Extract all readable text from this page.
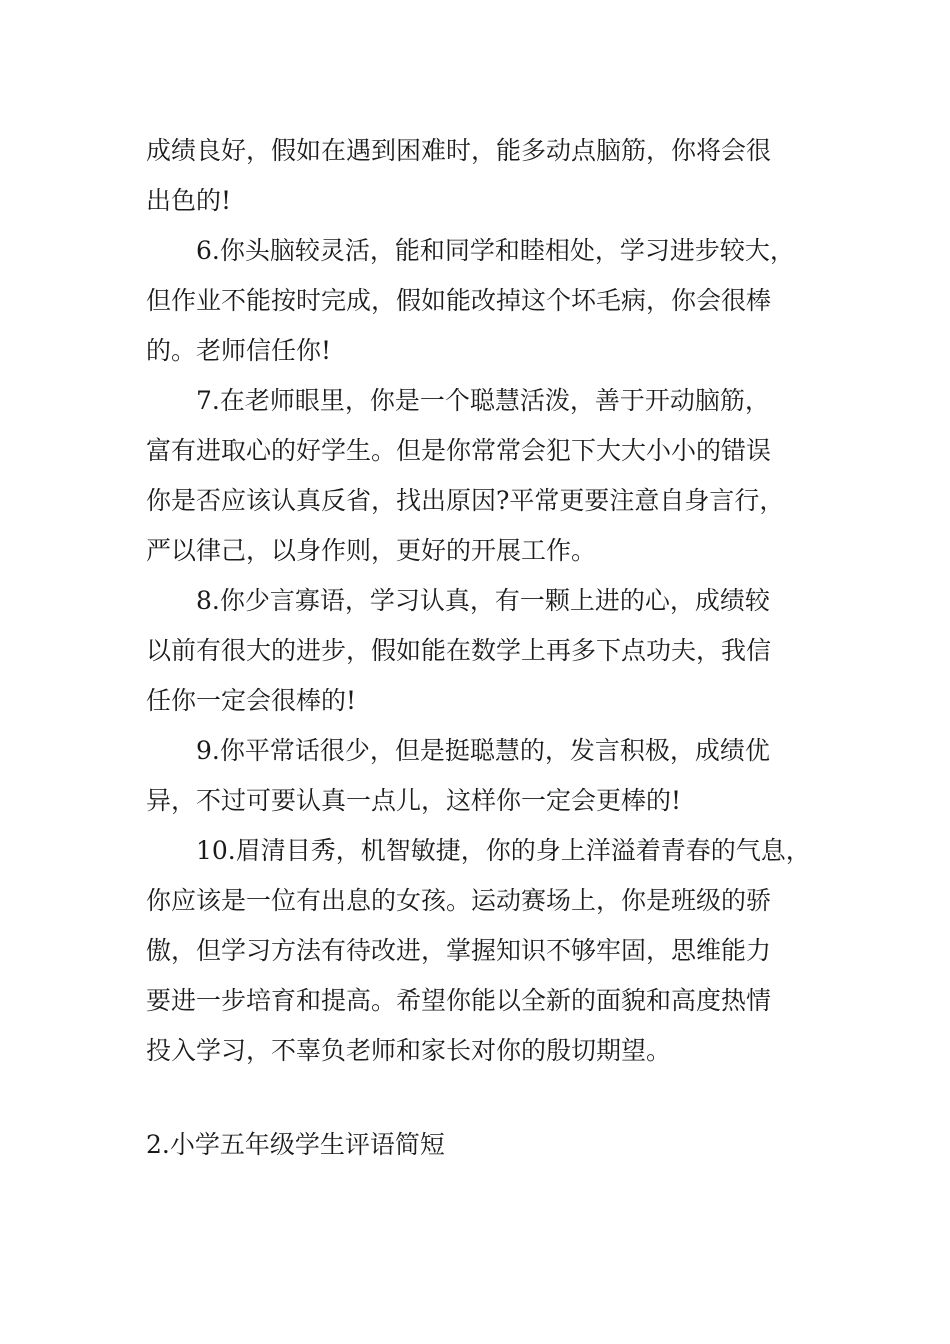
成绩良好，假如在遇到困难时，能多动点脑筋，你将会很
出色的!

6.你头脑较灵活，能和同学和睦相处，学习进步较大，
但作业不能按时完成，假如能改掉这个坏毛病，你会很棒
的。老师信任你!

7.在老师眼里，你是一个聪慧活泼，善于开动脑筋，
富有进取心的好学生。但是你常常会犯下大大小小的错误
你是否应该认真反省，找出原因?平常更要注意自身言行，
严以律己，以身作则，更好的开展工作。

8.你少言寡语，学习认真，有一颗上进的心，成绩较
以前有很大的进步，假如能在数学上再多下点功夫，我信
任你一定会很棒的!

9.你平常话很少，但是挺聪慧的，发言积极，成绩优
异，不过可要认真一点儿，这样你一定会更棒的!

10.眉清目秀，机智敏捷，你的身上洋溢着青春的气息，
你应该是一位有出息的女孩。运动赛场上，你是班级的骄
傲，但学习方法有待改进，掌握知识不够牢固，思维能力
要进一步培育和提高。希望你能以全新的面貌和高度热情
投入学习，不辜负老师和家长对你的殷切期望。

2.小学五年级学生评语简短
